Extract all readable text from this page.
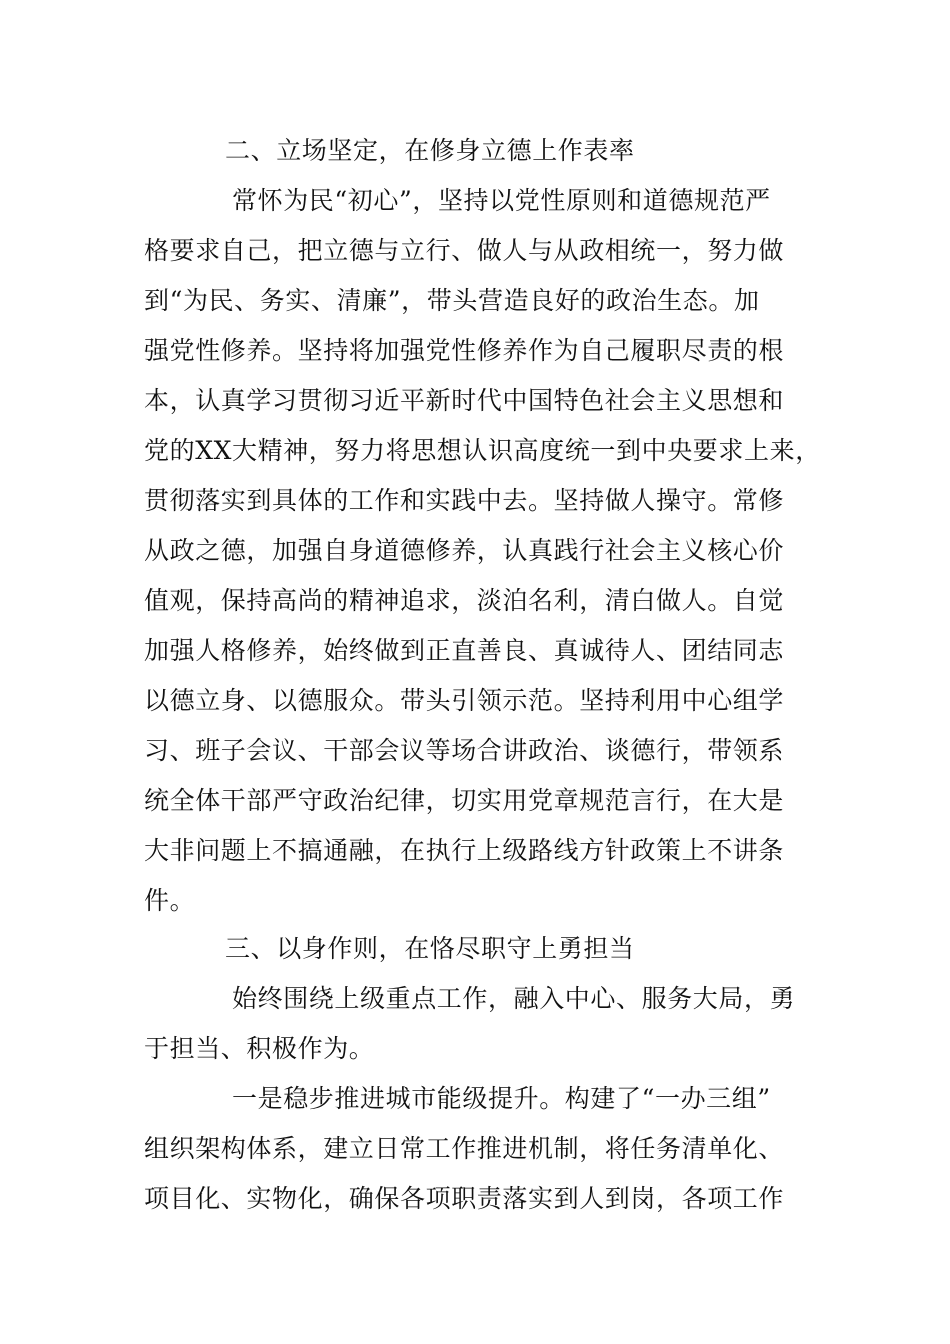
二、立场坚定，在修身立德上作表率
常怀为民“初心”，坚持以党性原则和道德规范严
格要求自己，把立德与立行、做人与从政相统一，努力做
到“为民、务实、清廉”，带头营造良好的政治生态。加
强党性修养。坚持将加强党性修养作为自己履职尽责的根
本，认真学习贯彻习近平新时代中国特色社会主义思想和
党的XX大精神，努力将思想认识高度统一到中央要求上来，
贯彻落实到具体的工作和实践中去。坚持做人操守。常修
从政之德，加强自身道德修养，认真践行社会主义核心价
值观，保持高尚的精神追求，淡泊名利，清白做人。自觉
加强人格修养，始终做到正直善良、真诚待人、团结同志
以德立身、以德服众。带头引领示范。坚持利用中心组学
习、班子会议、干部会议等场合讲政治、谈德行，带领系
统全体干部严守政治纪律，切实用党章规范言行，在大是
大非问题上不搞通融，在执行上级路线方针政策上不讲条
件。
三、以身作则，在恪尽职守上勇担当
始终围绕上级重点工作，融入中心、服务大局，勇
于担当、积极作为。
一是稳步推进城市能级提升。构建了“一办三组”
组织架构体系，建立日常工作推进机制，将任务清单化、
项目化、实物化，确保各项职责落实到人到岗，各项工作
